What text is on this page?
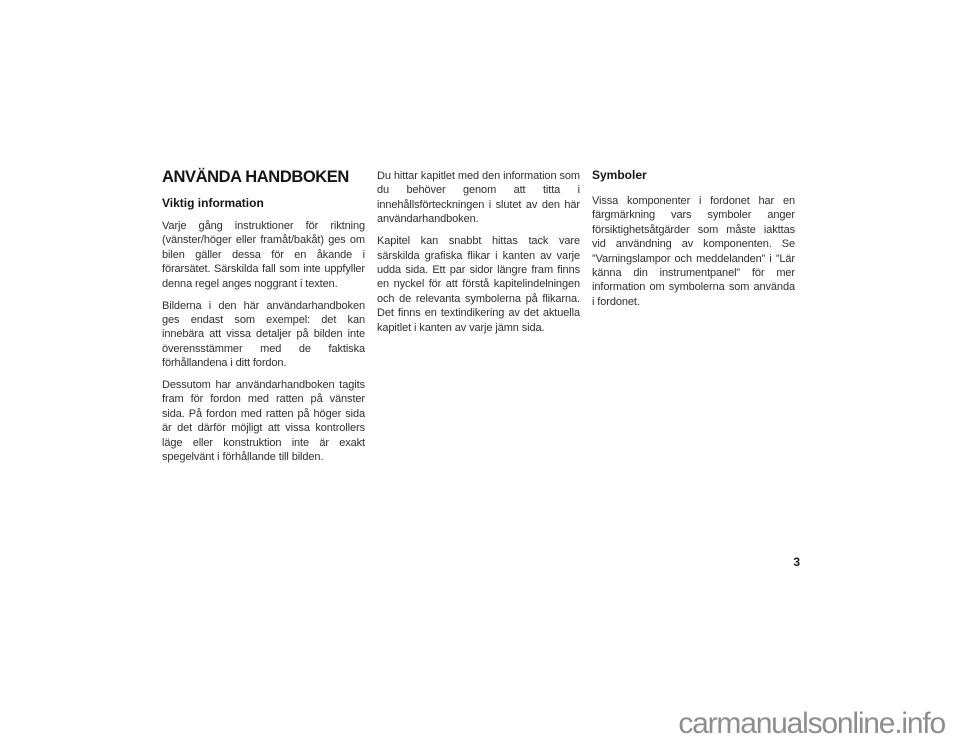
ANVÄNDA HANDBOKEN
Viktig information

Varje gång instruktioner för riktning (vänster/höger eller framåt/bakåt) ges om bilen gäller dessa för en åkande i förarsätet. Särskilda fall som inte uppfyller denna regel anges noggrant i texten.

Bilderna i den här användarhandboken ges endast som exempel: det kan innebära att vissa detaljer på bilden inte överensstämmer med de faktiska förhållandena i ditt fordon.

Dessutom har användarhandboken tagits fram för fordon med ratten på vänster sida. På fordon med ratten på höger sida är det därför möjligt att vissa kontrollers läge eller konstruktion inte är exakt spegelvänt i förhållande till bilden.

Du hittar kapitlet med den information som du behöver genom att titta i innehållsförteckningen i slutet av den här användarhandboken.

Kapitel kan snabbt hittas tack vare särskilda grafiska flikar i kanten av varje udda sida. Ett par sidor längre fram finns en nyckel för att förstå kapitelindelningen och de relevanta symbolerna på flikarna. Det finns en textindikering av det aktuella kapitlet i kanten av varje jämn sida.

Symboler

Vissa komponenter i fordonet har en färgmärkning vars symboler anger försiktighetsåtgärder som måste iakttas vid användning av komponenten. Se ”Varningslampor och meddelanden” i ”Lär känna din instrumentpanel” för mer information om symbolerna som använda i fordonet.

3
carmanualsonline.info
